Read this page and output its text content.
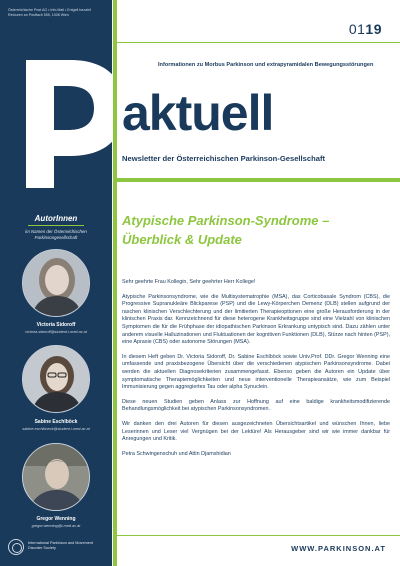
Österreichische Post AG • Info.Mail • Entgelt bezahlt
Retouren an Postfach 555, 1008 Wien
AutorInnen
im Namen der Österreichischen Parkinsongesellschaft
Victoria Sidoroff
victoria.sidoroff@student.i-med.ac.at
Sabine Eschlböck
sabine.eschlboeck@student.i-med.ac.at
Gregor Wenning
gregor.wenning@i-med.ac.at
International Parkinson and Movement Disorder Society
0119
Informationen zu Morbus Parkinson und extrapyramidalen Bewegungsstörungen
aktuell
Newsletter der Österreichischen Parkinson-Gesellschaft
Atypische Parkinson-Syndrome –
Überblick & Update

Sehr geehrte Frau Kollegin, Sehr geehrter Herr Kollege!

Atypische Parkinsonsyndrome, wie die Multisystematrophie (MSA), das Corticobasale Syndrom (CBS), die Progressive Supranukleäre Blickparese (PSP) und die Lewy-Körperchen Demenz (DLB) stellen aufgrund der raschen klinischen Verschlechterung und der limitierten Therapieoptionen eine große Herausforderung in der klinischen Praxis dar. Kennzeichnend für diese heterogene Krankheitsgruppe sind eine Vielzahl von klinischen Symptomen die für die Frühphase der idiopathischen Parkinson Erkrankung untypisch sind. Dazu zählen unter anderem visuelle Halluzinationen und Fluktuationen der kognitiven Funktionen (DLB), Stürze nach hinten (PSP), eine Apraxie (CBS) oder autonome Störungen (MSA).

In diesem Heft geben Dr. Victoria Sidoroff, Dr. Sabine Eschlböck sowie Univ.Prof. DDr. Gregor Wenning eine umfassende und praxisbezogene Übersicht über die verschiedenen atypischen Parkinsonsyndrome. Dabei werden die aktuellen Diagnosekriterien zusammengefasst. Ebenso geben die Autoren ein Update über symptomatische Therapiemöglichkeiten und neue interventionelle Therapieansätze, wie zum Beispiel Immunisierung gegen aggregiertes Tau oder alpha Synuclein.

Diese neuen Studien geben Anlass zur Hoffnung auf eine baldige krankheitsmodifizierende Behandlungsmöglichkeit bei atypischen Parkinsonsyndromen.

Wir danken den drei Autoren für diesen ausgezeichneten Übersichtsartikel und wünschen Ihnen, liebe Leserinnen und Leser viel Vergnügen bei der Lektüre! Als Herausgeber sind wir wie immer dankbar für Anregungen und Kritik.

Petra Schwingenschuh und Attin Djamshidian

WWW.PARKINSON.AT
